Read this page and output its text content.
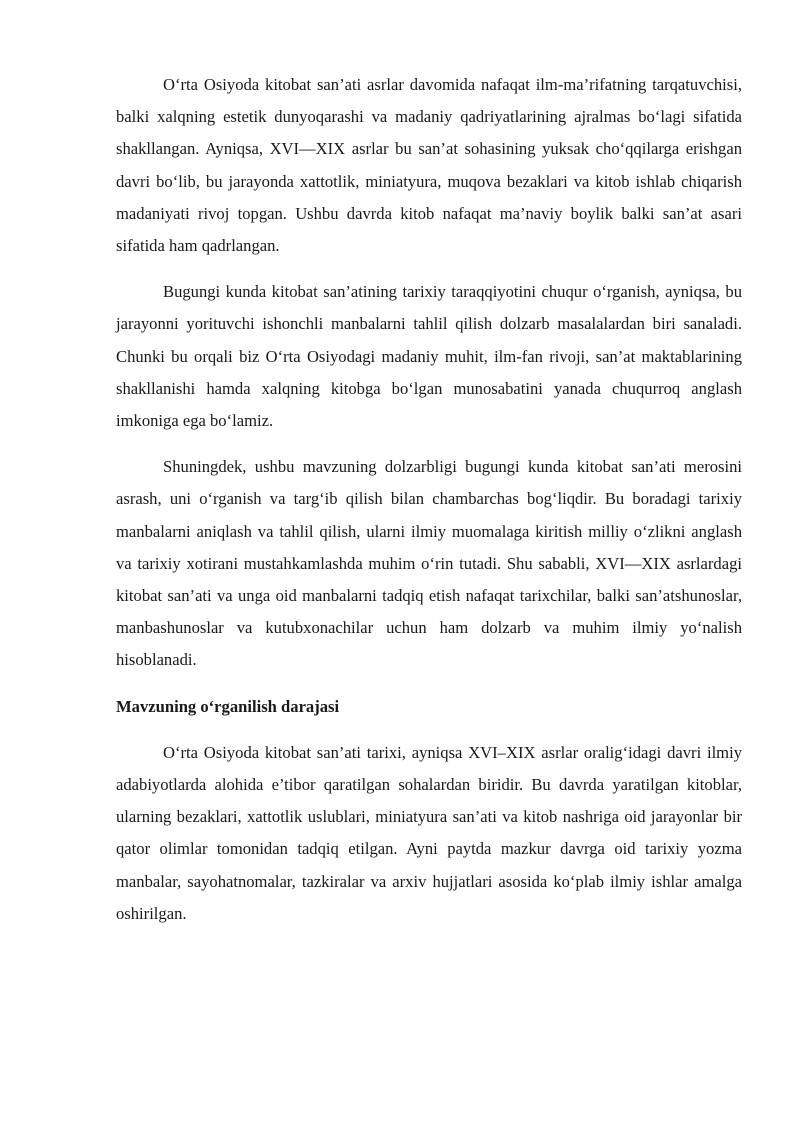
O‘rta Osiyoda kitobat san’ati asrlar davomida nafaqat ilm-ma’rifatning tarqatuvchisi, balki xalqning estetik dunyoqarashi va madaniy qadriyatlarining ajralmas bo‘lagi sifatida shakllangan. Ayniqsa, XVI—XIX asrlar bu san’at sohasining yuksak cho‘qqilarga erishgan davri bo‘lib, bu jarayonda xattotlik, miniatyura, muqova bezaklari va kitob ishlab chiqarish madaniyati rivoj topgan. Ushbu davrda kitob nafaqat ma’naviy boylik balki san’at asari sifatida ham qadrlangan.

Bugungi kunda kitobat san’atining tarixiy taraqqiyotini chuqur o‘rganish, ayniqsa, bu jarayonni yorituvchi ishonchli manbalarni tahlil qilish dolzarb masalalardan biri sanaladi. Chunki bu orqali biz O‘rta Osiyodagi madaniy muhit, ilm-fan rivoji, san’at maktablarining shakllanishi hamda xalqning kitobga bo‘lgan munosabatini yanada chuqurroq anglash imkoniga ega bo‘lamiz.

Shuningdek, ushbu mavzuning dolzarbligi bugungi kunda kitobat san’ati merosini asrash, uni o‘rganish va targ‘ib qilish bilan chambarchas bog‘liqdir. Bu boradagi tarixiy manbalarni aniqlash va tahlil qilish, ularni ilmiy muomalaga kiritish milliy o‘zlikni anglash va tarixiy xotirani mustahkamlashda muhim o‘rin tutadi. Shu sababli, XVI—XIX asrlardagi kitobat san’ati va unga oid manbalarni tadqiq etish nafaqat tarixchilar, balki san’atshunoslar, manbashunoslar va kutubxonachilar uchun ham dolzarb va muhim ilmiy yo‘nalish hisoblanadi.

Mavzuning o‘rganilish darajasi

O‘rta Osiyoda kitobat san’ati tarixi, ayniqsa XVI–XIX asrlar oralig‘idagi davri ilmiy adabiyotlarda alohida e’tibor qaratilgan sohalardan biridir. Bu davrda yaratilgan kitoblar, ularning bezaklari, xattotlik uslublari, miniatyura san’ati va kitob nashriga oid jarayonlar bir qator olimlar tomonidan tadqiq etilgan. Ayni paytda mazkur davrga oid tarixiy yozma manbalar, sayohatnomalar, tazkiralar va arxiv hujjatlari asosida ko‘plab ilmiy ishlar amalga oshirilgan.
